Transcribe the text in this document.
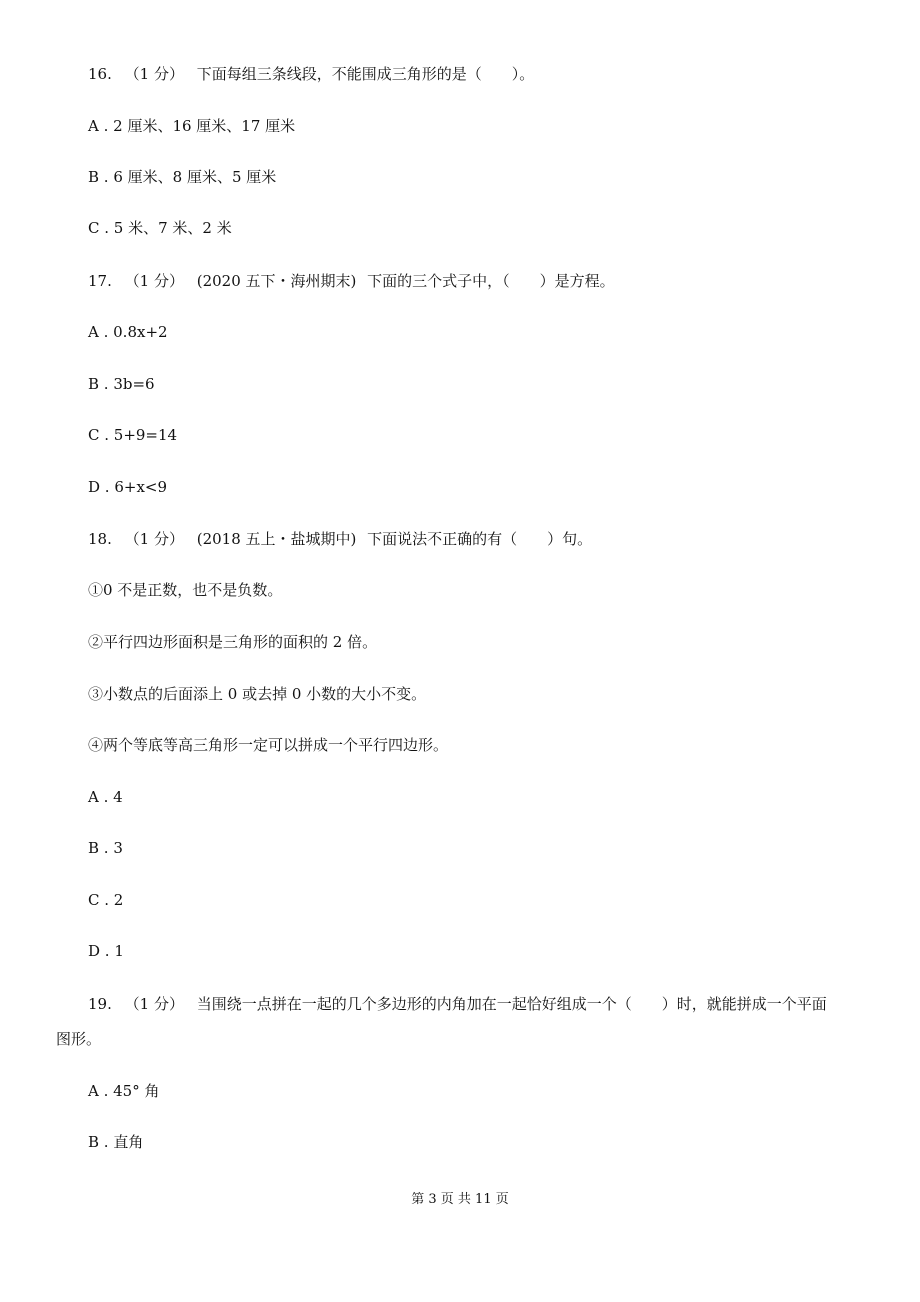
16. （1 分） 下面每组三条线段，不能围成三角形的是（　　）。
A . 2 厘米、16 厘米、17 厘米
B . 6 厘米、8 厘米、5 厘米
C . 5 米、7 米、2 米
17. （1 分） (2020 五下・海州期末) 下面的三个式子中，（　　）是方程。
A . 0.8x+2
B . 3b=6
C . 5+9=14
D . 6+x<9
18. （1 分） (2018 五上・盐城期中) 下面说法不正确的有（　　）句。
①0 不是正数，也不是负数。
②平行四边形面积是三角形的面积的 2 倍。
③小数点的后面添上 0 或去掉 0 小数的大小不变。
④两个等底等高三角形一定可以拼成一个平行四边形。
A . 4
B . 3
C . 2
D . 1
19. （1 分） 当围绕一点拼在一起的几个多边形的内角加在一起恰好组成一个（　　）时，就能拼成一个平面
图形。
A . 45° 角
B . 直角
第 3 页 共 11 页
